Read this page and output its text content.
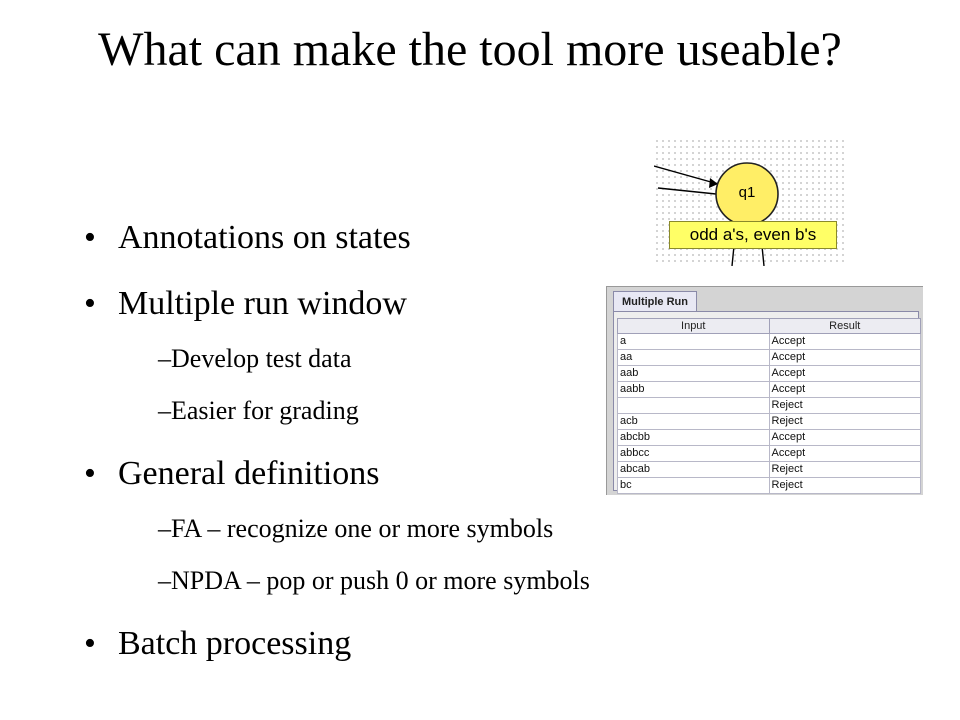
What can make the tool more useable?
• Annotations on states
• Multiple run window
–Develop test data
–Easier for grading
• General definitions
–FA – recognize one or more symbols
–NPDA – pop or push 0 or more symbols
• Batch processing
q1
odd a's, even b's
Multiple Run
Input	Result
a	Accept
aa	Accept
aab	Accept
aabb	Accept
	Reject
acb	Reject
abcbb	Accept
abbcc	Accept
abcab	Reject
bc	Reject
